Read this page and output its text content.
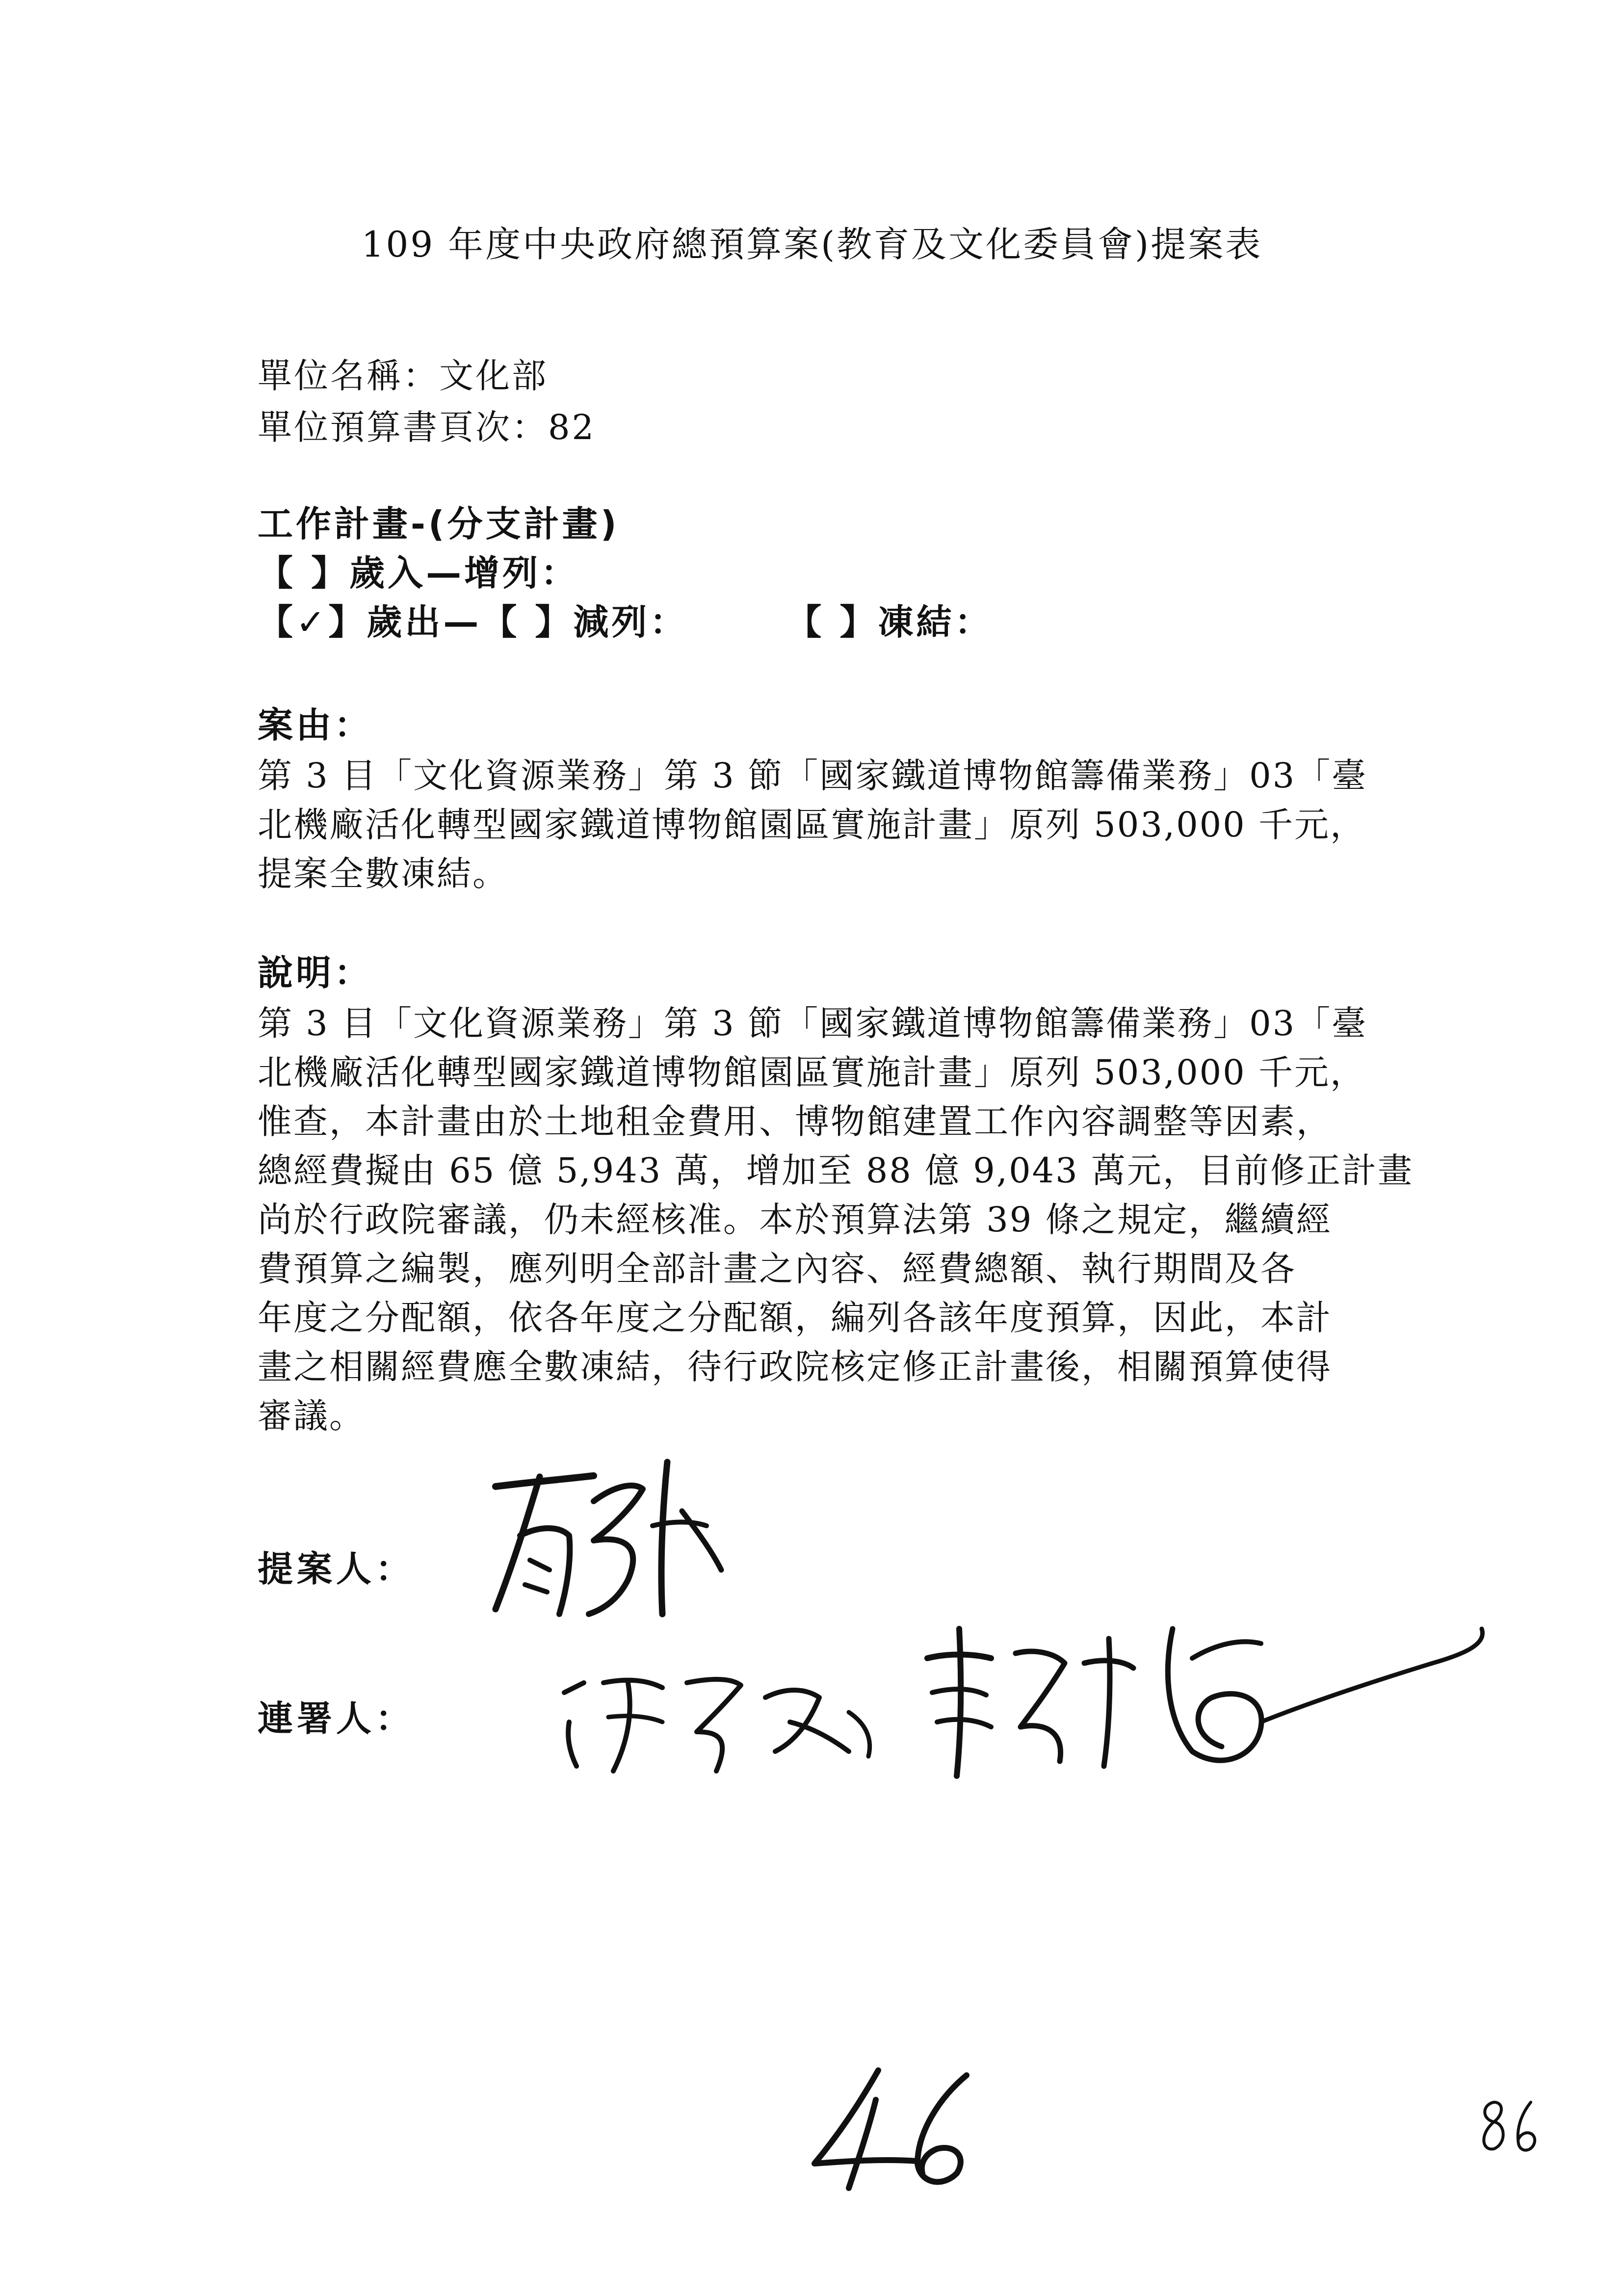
109 年度中央政府總預算案(教育及文化委員會)提案表
單位名稱：文化部
單位預算書頁次：82
工作計畫-(分支計畫)
【 】歲入—增列：
【✓】歲出—【 】減列：	【 】凍結：
案由：
第 3 目「文化資源業務」第 3 節「國家鐵道博物館籌備業務」03「臺
北機廠活化轉型國家鐵道博物館園區實施計畫」原列 503,000 千元，
提案全數凍結。
說明：
第 3 目「文化資源業務」第 3 節「國家鐵道博物館籌備業務」03「臺
北機廠活化轉型國家鐵道博物館園區實施計畫」原列 503,000 千元，
惟查，本計畫由於土地租金費用、博物館建置工作內容調整等因素，
總經費擬由 65 億 5,943 萬，增加至 88 億 9,043 萬元，目前修正計畫
尚於行政院審議，仍未經核准。本於預算法第 39 條之規定，繼續經
費預算之編製，應列明全部計畫之內容、經費總額、執行期間及各
年度之分配額，依各年度之分配額，編列各該年度預算，因此，本計
畫之相關經費應全數凍結，待行政院核定修正計畫後，相關預算使得
審議。
提案人：
連署人：
